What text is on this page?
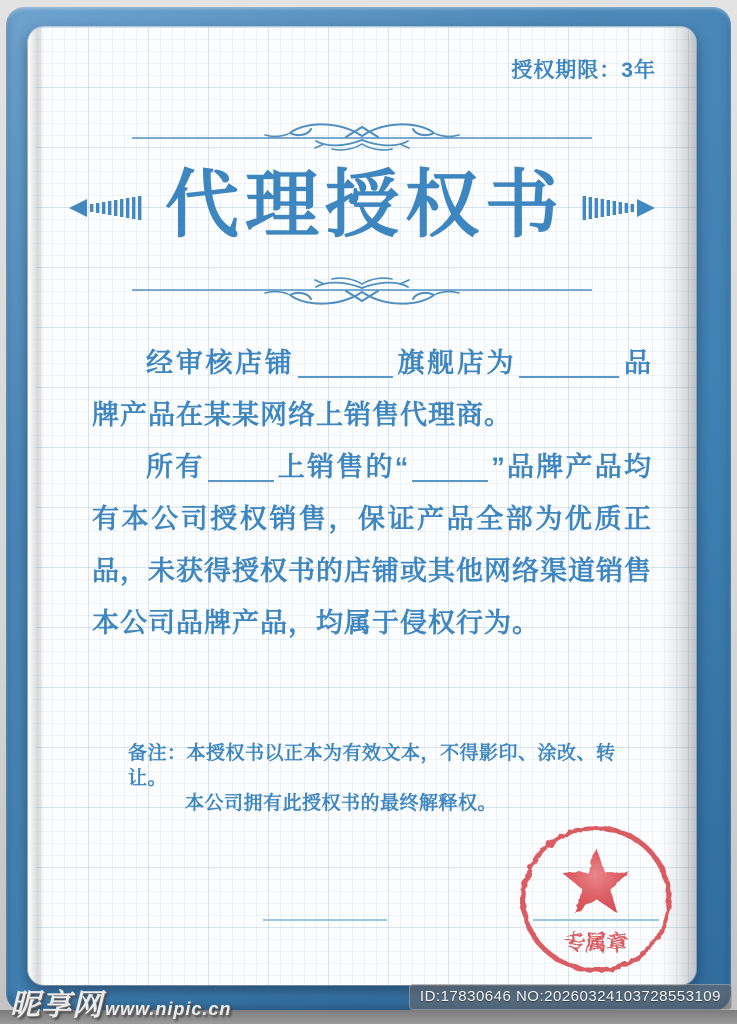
授权期限：3年
代理授权书

经审核店铺	旗舰店为	品牌产品在某某网络上销售代理商。

所有	上销售的“	”品牌产品均有本公司授权销售，保证产品全部为优质正品，未获得授权书的店铺或其他网络渠道销售本公司品牌产品，均属于侵权行为。

备注：本授权书以正本为有效文本，不得影印、涂改、转让。
本公司拥有此授权书的最终解释权。
专属章
昵享网 www.nipic.cn
ID:17830646 NO:20260324103728553109
